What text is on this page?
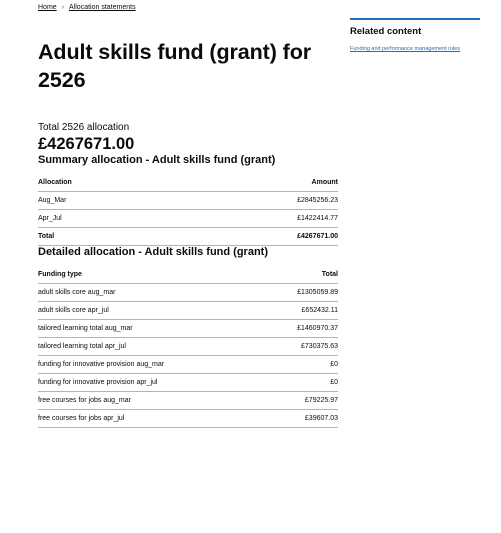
Home › Allocation statements
Adult skills fund (grant) for 2526
Total 2526 allocation
£4267671.00
Summary allocation - Adult skills fund (grant)
Allocation	Amount
Aug_Mar	£2845256.23
Apr_Jul	£1422414.77
Total	£4267671.00
Detailed allocation - Adult skills fund (grant)
Funding type	Total
adult skills core aug_mar	£1305059.89
adult skills core apr_jul	£652432.11
tailored learning total aug_mar	£1460970.37
tailored learning total apr_jul	£730375.63

funding for innovative provision aug_mar	£0

funding for innovative provision apr_jul	£0
free courses for jobs aug_mar	£79225.97
free courses for jobs apr_jul	£39607.03
Related content
Funding and performance management rules
